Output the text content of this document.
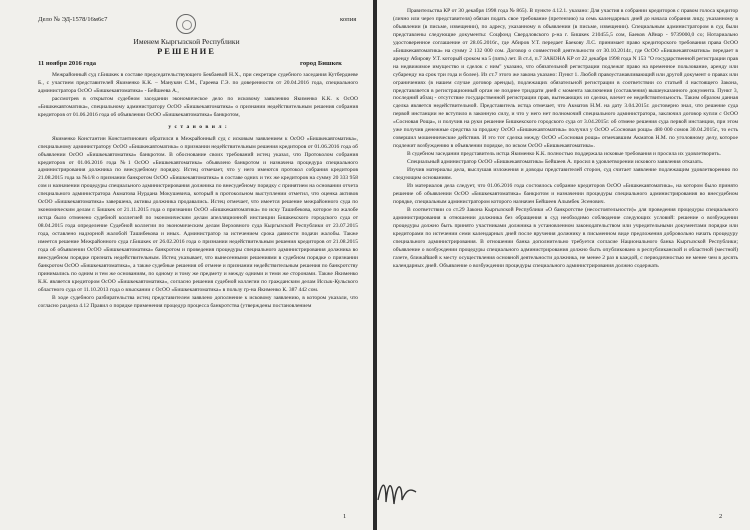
Дело № ЭД-1578/16м6с7	копия
Именем Кыргызской Республики
РЕШЕНИЕ
11 ноября 2016 года	город Бишкек

Межрайонный суд г.Бишкек в составе председательствующего Бекбаевой Н.Х., при секретаре судебного заседания Кутбердиеве Б., с участием представителей Якименко К.К. – Манукян С.М., Гареева Г.Э. по доверенности от 20.04.2016 года, специального администратора ОсОО «Бишкекавтоматика» - Бейшеева А.,

рассмотрев в открытом судебном заседании экономическое дело по исковому заявлению Якименко К.К. к ОсОО «Бишкекавтоматика», специальному администратору ОсОО «Бишкекавтоматика» о признании недействительным решения собрания кредиторов от 01.06.2016 года об объявлении ОсОО «Бишкекавтоматика» банкротом,

у с т а н о в и л :

Якименко Константин Константинович обратился в Межрайонный суд с исковым заявлением к ОсОО «Бишкекавтоматика», специальному администратору ОсОО «Бишкекавтоматика» о признании недействительным решения кредиторов от 01.06.2016 года об объявлении ОсОО «Бишкекавтоматика» банкротом. В обоснование своих требований истец указал, что Протоколом собрания кредиторов от 01.06.2016 года №1 ОсОО «Бишкекавтоматика» объявлено банкротом и назначена процедура специального администрирования должника по внесудебному порядку. Истец отмечает, что у него имеются протокол собрания кредиторов 21.08.2015 года за №1/8 о признании банкротом ОсОО «Бишкекавтоматика» в составе одних и тех же кредиторов на сумму 20 333 958 сом и назначении процедуры специального администрирования должника по внесудебному порядку с принятием на основании отчета специального администратора Акматова Нурдана Мокушевича, который в протокольном выступлении отметил, что оценка активов ОсОО «Бишкекавтоматика» завершена, активы должника продавались. Истец отмечает, что имеется решение межрайонного суда по экономическим делам г. Бишкек от 21.11.2015 года о признании ОсОО «Бишкекавтоматика» по иску Ташибекова, которое по жалобе истца было отменено судебной коллегией по экономическим делам апелляционной инстанции Бишкекского городского суда от 08.04.2015 года определение Судебной коллегии по экономическим делам Верховного суда Кыргызской Республики от 23.07.2015 года, оставлено надзорной жалобой Ташибекова и иных. Администратор за истечением срока давности подачи жалобы. Также имеется решение Межрайонного суда г.Бишкек от 26.02.2016 года о признании недействительным решения кредиторов от 21.08.2015 года об объявлении ОсОО «Бишкекавтоматика» банкротом и проведения процедуры специального администрирования должника во внесудебном порядке признать недействительным. Истец указывает, что вынесенными решениями в судебном порядке о признании банкротом ОсОО «Бишкекавтоматика», а также судебные решения об отмене и признании недействительным решения по банкротству принимались по одним и тем же основаниям, по одному и тому же предмету и между одними и теми же сторонами. Также Якименко К.К. является кредитором ОсОО «Бишкекавтоматика», согласно решения судебной коллегии по гражданским делам Иссык-Кульского областного суда от 11.10.2013 года о взыскании с ОсОО «Бишкекавтоматика» в пользу гр-на Якименко К. 387 442 сом.

В ходе судебного разбирательства истец представителем заявлено дополнение к исковому заявлению, в котором указали, что согласно раздела 4.12 Правил о порядке применения процедур процесса банкротства (утверждены постановлением

1

Правительства КР от 30 декабря 1998 года № 865). В пункте 4.12.1. указано: Для участия в собрании кредиторов с правом голоса кредитор (лично или через представителя) обязан подать свое требование (претензию) за семь календарных дней до начала собрания лицу, указанному в объявлении (в письме, извещении), по адресу, указанному в объявлении (в письме, извещении). Специальным администратором в суд были представлены следующие документы: Соцфонд Свердловского р-на г. Бишкек 210455,5 сом, Баеков Айнар - 9739000,0 со; Нотариально удостоверенное соглашение от 28.05.2016г., где Абиров У.Т. передает Баекову Л.С. принимает право кредиторского требования права ОсОО «Бишкекавтоматика» на сумму 2 132 000 сом. Договор о совместной деятельности от 30.10.2014г., где ОсОО «Бишкекавтоматика» передает в аренду Абирову У.Т. который сроком на 5 (пять) лет. В ст.4, п.7 ЗАКОНА КР от 22 декабря 1998 года N 153 "О государственной регистрации прав на недвижимое имущество и сделок с ним" указано, что обязательной регистрации подлежат право на временное пользование, аренду или субаренду на срок три года и более). Из ст.7 этого же закона указано: Пункт 1. Любой правоустанавливающий или другой документ о правах или ограничениях (в нашем случае договор аренды), подлежащих обязательной регистрации в соответствии со статьей 4 настоящего Закона, представляется в регистрационный орган не позднее тридцати дней с момента заключения (составления) вышеуказанного документа. Пункт 3, последний абзац - отсутствие государственной регистрации прав, вытекающих из сделки, влечет ее недействительность. Таким образом данная сделка является недействительной. Представитель истца отмечает, что Акматов Н.М. на дату 3.04.2015г. достоверно знал, что решение суда первой инстанции не вступило в законную силу, и что у него нет полномочий специального администратора, заключил договор купли с ОсОО «Сосновая Роща», и получив на руки решение Бишкекского городского суда от 3.04.2015г. об отмене решения суда первой инстанции, при этом уже получив денежные средства за продажу ОсОО «Бишкекавтоматика» получил у ОсОО «Сосновая роща» 480 000 сомов 30.04.2015г., то есть совершил мошеннические действия. И это тот сделка между ОсОО «Сосновая роща» отмечавшим Акматов Н.М. по уголовному делу, которое подлежит возбуждению в объявлении порядке, по иском ОсОО «Бишкекавтоматика».

В судебном заседании представитель истца Якименко К.К. полностью поддержала исковые требования и просила их удовлетворить.

Специальный администратор ОсОО «Бишкекавтоматика» Бейшеев А. просил в удовлетворении искового заявления отказать.

Изучив материалы дела, выслушав изложения и доводы представителей сторон, суд считает заявление подлежащим удовлетворению по следующим основаниям.

Из материалов дела следует, что 01.06.2016 года состоялось собрание кредиторов ОсОО «Бишкекавтоматика», на котором было принято решение об объявлении ОсОО «Бишкекавтоматика» банкротом и назначении процедуры специального администрирования во внесудебном порядке, специальным администратором которого назначен Бейшеев Алымбек Эсенович.

В соответствии со ст.29 Закона Кыргызской Республики «О банкротстве (несостоятельности)» для проведения процедуры специального администрирования в отношении должника без обращения в суд необходимо соблюдение следующих условий: решение о возбуждении процедуры должно быть принято участниками должника в установленном законодательством или учредительными документами порядке или кредиторами по истечении семи календарных дней после вручения должнику в письменном виде предложения добровольно начать процедуру специального администрирования. В отношении банка дополнительно требуется согласие Национального банка Кыргызской Республики; объявление о возбуждении процедуры специального администрирования должно быть опубликовано в республиканской и областной (местной) газете, ближайшей к месту осуществления основной деятельности должника, не менее 2 раз в каждой, с периодичностью не менее чем в десять календарных дней. Объявление о возбуждении процедуры специального администрирования должно содержать

2
